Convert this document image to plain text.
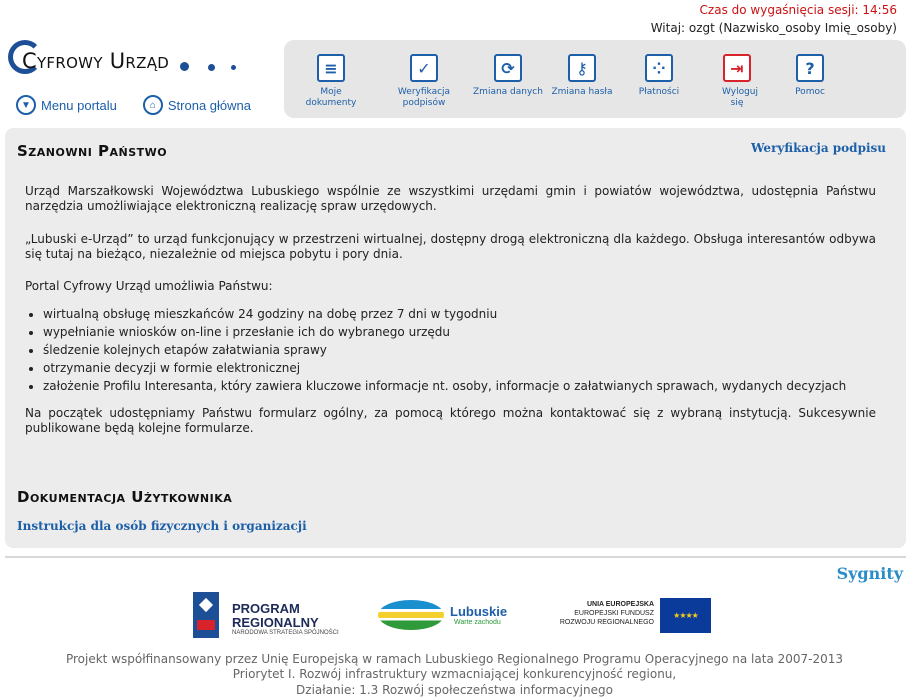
Czas do wygaśnięcia sesji: 14:56
Witaj: ozgt (Nazwisko_osoby Imię_osoby)
Cyfrowy Urząd
▼ Menu portalu	⌂ Strona główna
≡
Moje dokumenty
✓
Weryfikacja podpisów
⟳
Zmiana danych
⚷
Zmiana hasła
⁘
Płatności
⇥
Wyloguj się
?
Pomoc
Szanowni Państwo	Weryfikacja podpisu
Urząd Marszałkowski Województwa Lubuskiego wspólnie ze wszystkimi urzędami gmin i powiatów województwa, udostępnia Państwu narzędzia umożliwiające elektroniczną realizację spraw urzędowych.
„Lubuski e-Urząd” to urząd funkcjonujący w przestrzeni wirtualnej, dostępny drogą elektroniczną dla każdego. Obsługa interesantów odbywa się tutaj na bieżąco, niezależnie od miejsca pobytu i pory dnia.
Portal Cyfrowy Urząd umożliwia Państwu:
• wirtualną obsługę mieszkańców 24 godziny na dobę przez 7 dni w tygodniu
• wypełnianie wniosków on-line i przesłanie ich do wybranego urzędu
• śledzenie kolejnych etapów załatwiania sprawy
• otrzymanie decyzji w formie elektronicznej
• założenie Profilu Interesanta, który zawiera kluczowe informacje nt. osoby, informacje o załatwianych sprawach, wydanych decyzjach
Na początek udostępniamy Państwu formularz ogólny, za pomocą którego można kontaktować się z wybraną instytucją. Sukcesywnie publikowane będą kolejne formularze.
Dokumentacja Użytkownika
Instrukcja dla osób fizycznych i organizacji
Sygnity
PROGRAM
REGIONALNY
NARODOWA STRATEGIA SPÓJNOŚCI
Lubuskie
Warte zachodu
UNIA EUROPEJSKA
EUROPEJSKI FUNDUSZ
ROZWOJU REGIONALNEGO
★★★★
Projekt współfinansowany przez Unię Europejską w ramach Lubuskiego Regionalnego Programu Operacyjnego na lata 2007-2013
Priorytet I. Rozwój infrastruktury wzmacniającej konkurencyjność regionu,
Działanie: 1.3 Rozwój społeczeństwa informacyjnego
